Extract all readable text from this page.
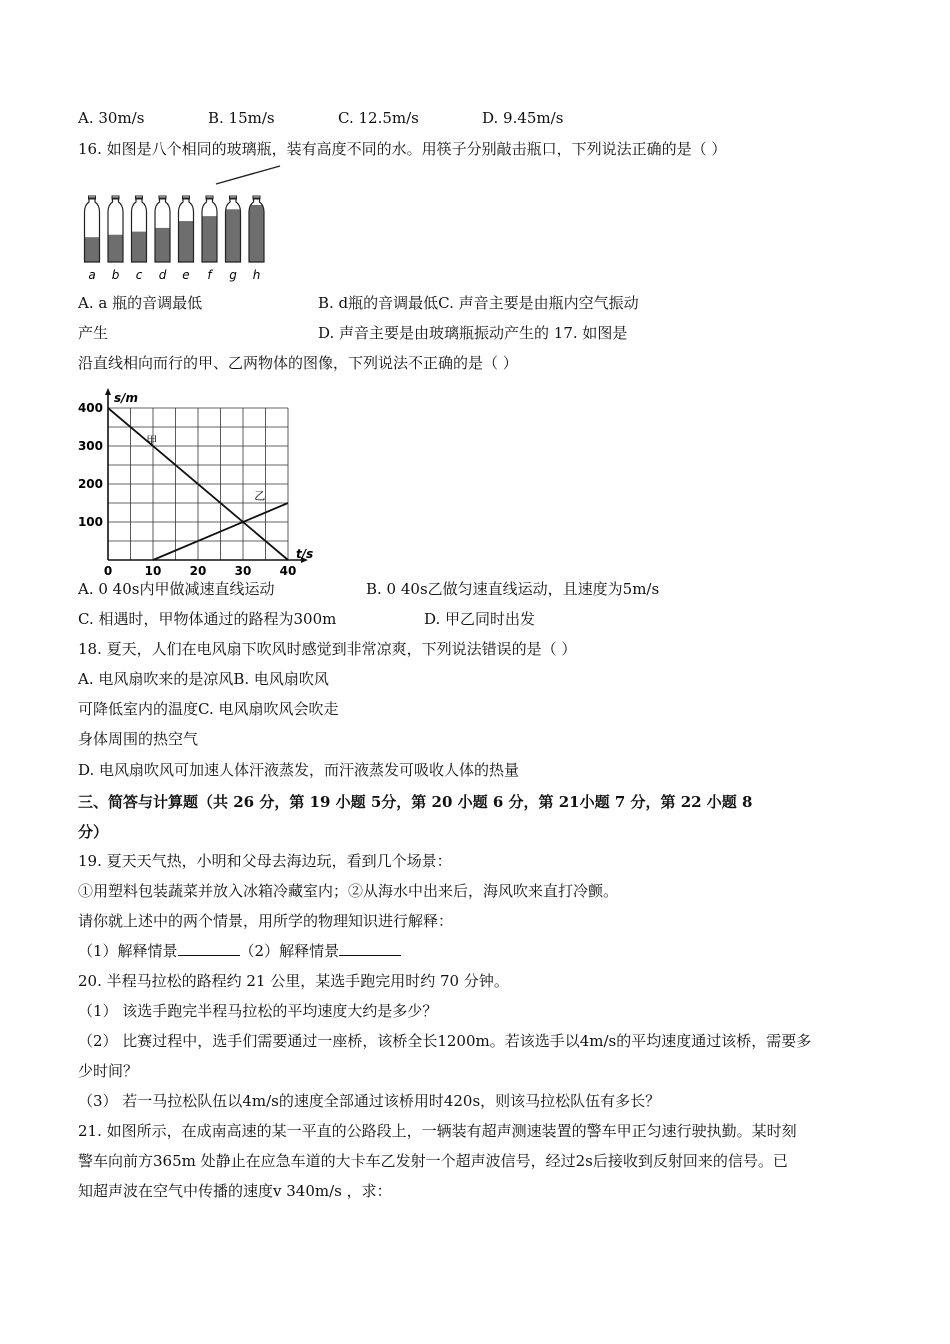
A. 30m/s	B. 15m/s	C. 12.5m/s	D. 9.45m/s
16. 如图是八个相同的玻璃瓶，装有高度不同的水。用筷子分别敲击瓶口，下列说法正确的是（ ）
a b c d e f g h
A. a 瓶的音调最低	B. d瓶的音调最低C. 声音主要是由瓶内空气振动
产生	D. 声音主要是由玻璃瓶振动产生的 17. 如图是
沿直线相向而行的甲、乙两物体的图像，下列说法不正确的是（ ）
s/m
t/s
0	10 20 30 40
100
200
300
400
甲
乙
A. 0 40s内甲做减速直线运动	B. 0 40s乙做匀速直线运动，且速度为5m/s
C. 相遇时，甲物体通过的路程为300m	D. 甲乙同时出发
18. 夏天，人们在电风扇下吹风时感觉到非常凉爽，下列说法错误的是（ ）
A. 电风扇吹来的是凉风B. 电风扇吹风
可降低室内的温度C. 电风扇吹风会吹走
身体周围的热空气
D. 电风扇吹风可加速人体汗液蒸发，而汗液蒸发可吸收人体的热量
三、简答与计算题（共 26 分，第 19 小题 5分，第 20 小题 6 分，第 21小题 7 分，第 22 小题 8
分）
19. 夏天天气热，小明和父母去海边玩，看到几个场景：
①用塑料包装蔬菜并放入冰箱冷藏室内；②从海水中出来后，海风吹来直打冷颤。
请你就上述中的两个情景，用所学的物理知识进行解释：
（1）解释情景	（2）解释情景
20. 半程马拉松的路程约 21 公里，某选手跑完用时约 70 分钟。
（1） 该选手跑完半程马拉松的平均速度大约是多少？
（2） 比赛过程中，选手们需要通过一座桥，该桥全长1200m。若该选手以4m/s的平均速度通过该桥，需要多
少时间？
（3） 若一马拉松队伍以4m/s的速度全部通过该桥用时420s，则该马拉松队伍有多长？
21. 如图所示，在成南高速的某一平直的公路段上，一辆装有超声测速装置的警车甲正匀速行驶执勤。某时刻
警车向前方365m 处静止在应急车道的大卡车乙发射一个超声波信号，经过2s后接收到反射回来的信号。已
知超声波在空气中传播的速度v 340m/s ，求：
